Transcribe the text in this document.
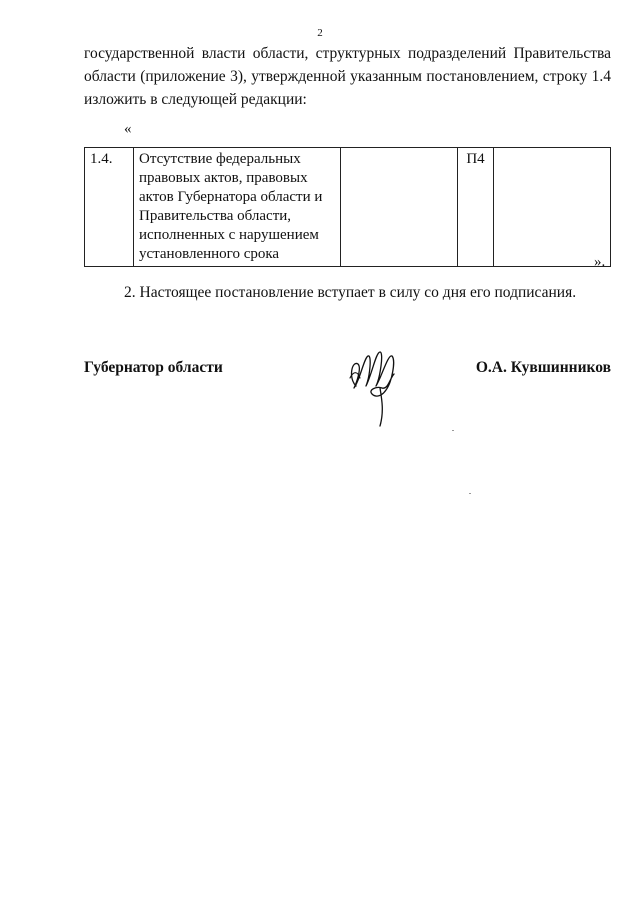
2
государственной власти области, структурных подразделений Правительства области (приложение 3), утвержденной указанным постановлением, строку 1.4 изложить в следующей редакции:
«
1.4.	Отсутствие федеральных правовых актов, правовых актов Губернатора области и Правительства области, исполненных с нарушением установленного срока		П4	
».
2. Настоящее постановление вступает в силу со дня его подписания.
Губернатор области	О.А. Кувшинников
